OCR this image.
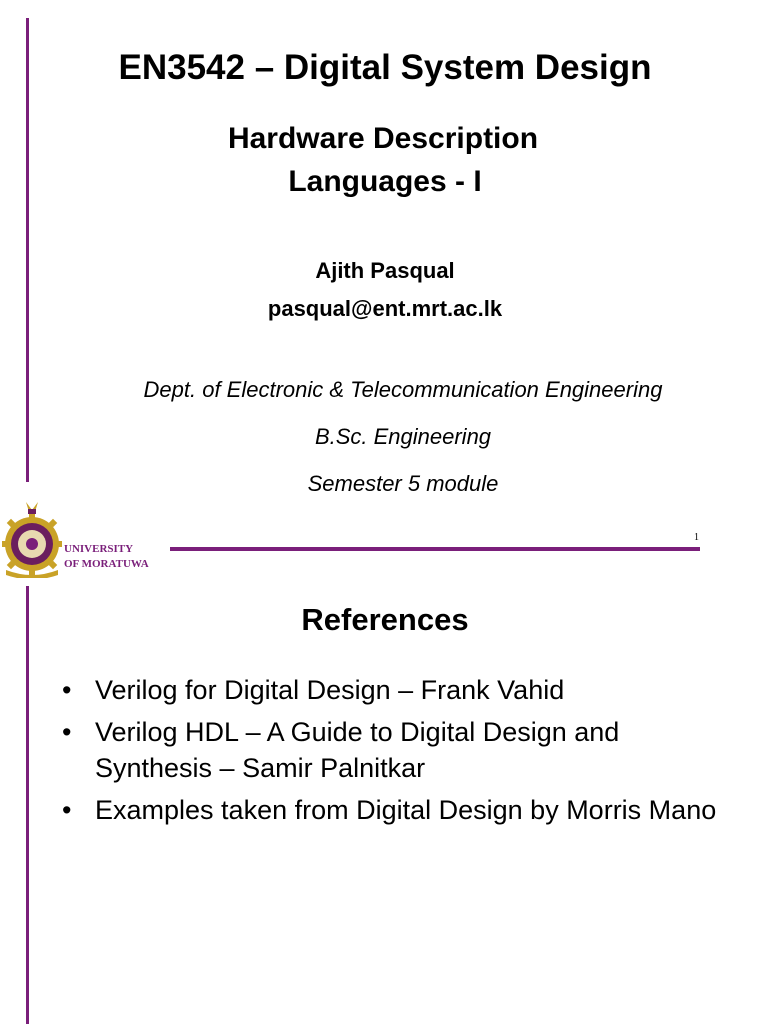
EN3542 – Digital System Design
Hardware Description
Languages - I
Ajith Pasqual
pasqual@ent.mrt.ac.lk
Dept. of Electronic & Telecommunication Engineering
B.Sc. Engineering
Semester 5 module
UNIVERSITY
OF MORATUWA
1
References
• Verilog for Digital Design – Frank Vahid
• Verilog HDL – A Guide to Digital Design and Synthesis – Samir Palnitkar
• Examples taken from Digital Design by Morris Mano
